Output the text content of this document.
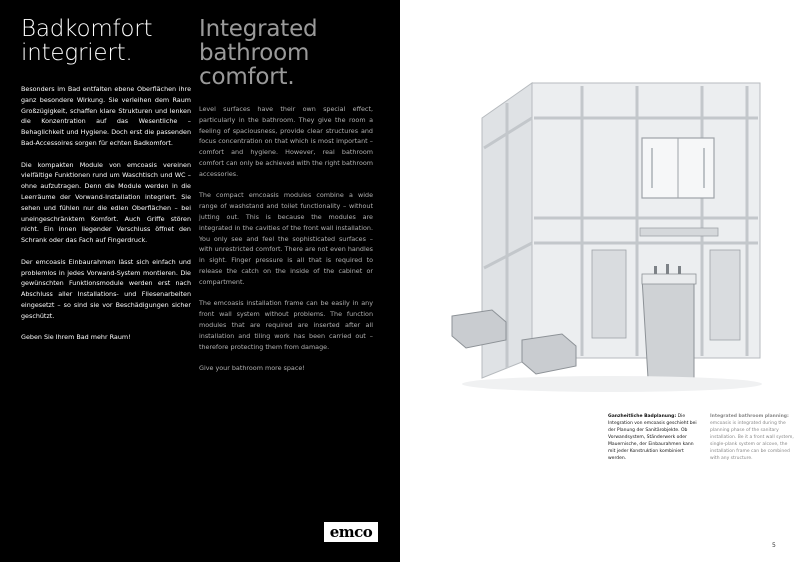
Badkomfort
integriert.
Integrated
bathroom
comfort.

Besonders im Bad entfalten ebene Oberflächen ihre ganz besondere Wirkung. Sie verleihen dem Raum Großzügigkeit, schaffen klare Strukturen und lenken die Konzentration auf das Wesentliche – Behaglichkeit und Hygiene. Doch erst die passenden Bad-Accessoires sorgen für echten Badkomfort.

Die kompakten Module von emcoasis vereinen vielfältige Funktionen rund um Waschtisch und WC – ohne aufzutragen. Denn die Module werden in die Leerräume der Vorwand-Installation integriert. Sie sehen und fühlen nur die edlen Oberflächen – bei uneingeschränktem Komfort. Auch Griffe stören nicht. Ein innen liegender Verschluss öffnet den Schrank oder das Fach auf Fingerdruck.

Der emcoasis Einbaurahmen lässt sich einfach und problemlos in jedes Vorwand-System montieren. Die gewünschten Funktionsmodule werden erst nach Abschluss aller Installations- und Fliesenarbeiten eingesetzt – so sind sie vor Beschädigungen sicher geschützt.

Geben Sie Ihrem Bad mehr Raum!

Level surfaces have their own special effect, particularly in the bathroom. They give the room a feeling of spaciousness, provide clear structures and focus concentration on that which is most important – comfort and hygiene. However, real bathroom comfort can only be achieved with the right bathroom accessories.

The compact emcoasis modules combine a wide range of washstand and toilet functionality – without jutting out. This is because the modules are integrated in the cavities of the front wall installation. You only see and feel the sophisticated surfaces – with unrestricted comfort. There are not even handles in sight. Finger pressure is all that is required to release the catch on the inside of the cabinet or compartment.

The emcoasis installation frame can be easily in any front wall system without problems. The function modules that are required are inserted after all installation and tiling work has been carried out – therefore protecting them from damage.

Give your bathroom more space!

emco
Ganzheitliche Badplanung: Die Integration von emcoasis geschieht bei der Planung der Sanitärobjekte. Ob Vorwandsystem, Ständerwerk oder Mauernische, der Einbaurahmen kann mit jeder Konstruktion kombiniert werden.
Integrated bathroom planning: emcoasis is integrated during the planning phase of the sanitary installation. Be it a front wall system, single-plank system or alcove, the installation frame can be combined with any structure.
5
